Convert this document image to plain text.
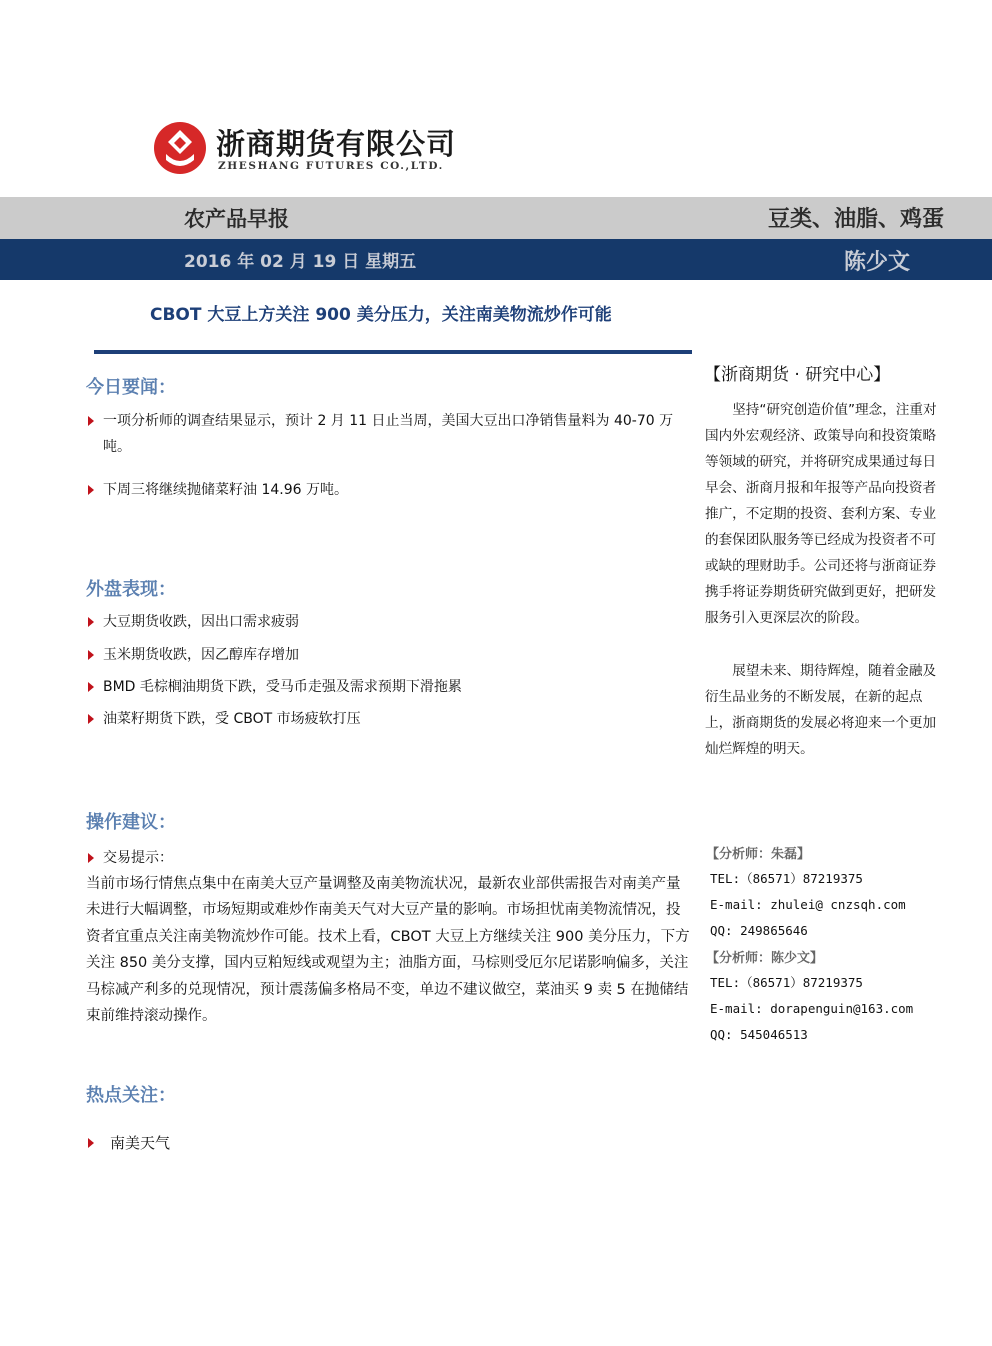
浙商期货有限公司
ZHESHANG FUTURES CO.,LTD.
农产品早报	豆类、油脂、鸡蛋
2016 年 02 月 19 日 星期五	陈少文
CBOT 大豆上方关注 900 美分压力，关注南美物流炒作可能
今日要闻：
一项分析师的调查结果显示，预计 2 月 11 日止当周，美国大豆出口净销售量料为 40-70 万吨。
下周三将继续抛储菜籽油 14.96 万吨。
外盘表现：
大豆期货收跌，因出口需求疲弱
玉米期货收跌，因乙醇库存增加
BMD 毛棕榈油期货下跌，受马币走强及需求预期下滑拖累
油菜籽期货下跌，受 CBOT 市场疲软打压
操作建议：
交易提示：
当前市场行情焦点集中在南美大豆产量调整及南美物流状况，最新农业部供需报告对南美产量未进行大幅调整，市场短期或难炒作南美天气对大豆产量的影响。市场担忧南美物流情况，投资者宜重点关注南美物流炒作可能。技术上看，CBOT 大豆上方继续关注 900 美分压力，下方关注 850 美分支撑，国内豆粕短线或观望为主；油脂方面，马棕则受厄尔尼诺影响偏多，关注马棕减产利多的兑现情况，预计震荡偏多格局不变，单边不建议做空，菜油买 9 卖 5 在抛储结束前维持滚动操作。
热点关注：
南美天气
【浙商期货 · 研究中心】
坚持“研究创造价值”理念，注重对国内外宏观经济、政策导向和投资策略等领域的研究，并将研究成果通过每日早会、浙商月报和年报等产品向投资者推广，不定期的投资、套利方案、专业的套保团队服务等已经成为投资者不可或缺的理财助手。公司还将与浙商证券携手将证券期货研究做到更好，把研发服务引入更深层次的阶段。
展望未来、期待辉煌，随着金融及衍生品业务的不断发展，在新的起点上，浙商期货的发展必将迎来一个更加灿烂辉煌的明天。
【分析师：朱磊】
TEL:（86571）87219375
E-mail: zhulei@ cnzsqh.com
QQ: 249865646
【分析师：陈少文】
TEL:（86571）87219375
E-mail: dorapenguin@163.com
QQ: 545046513
